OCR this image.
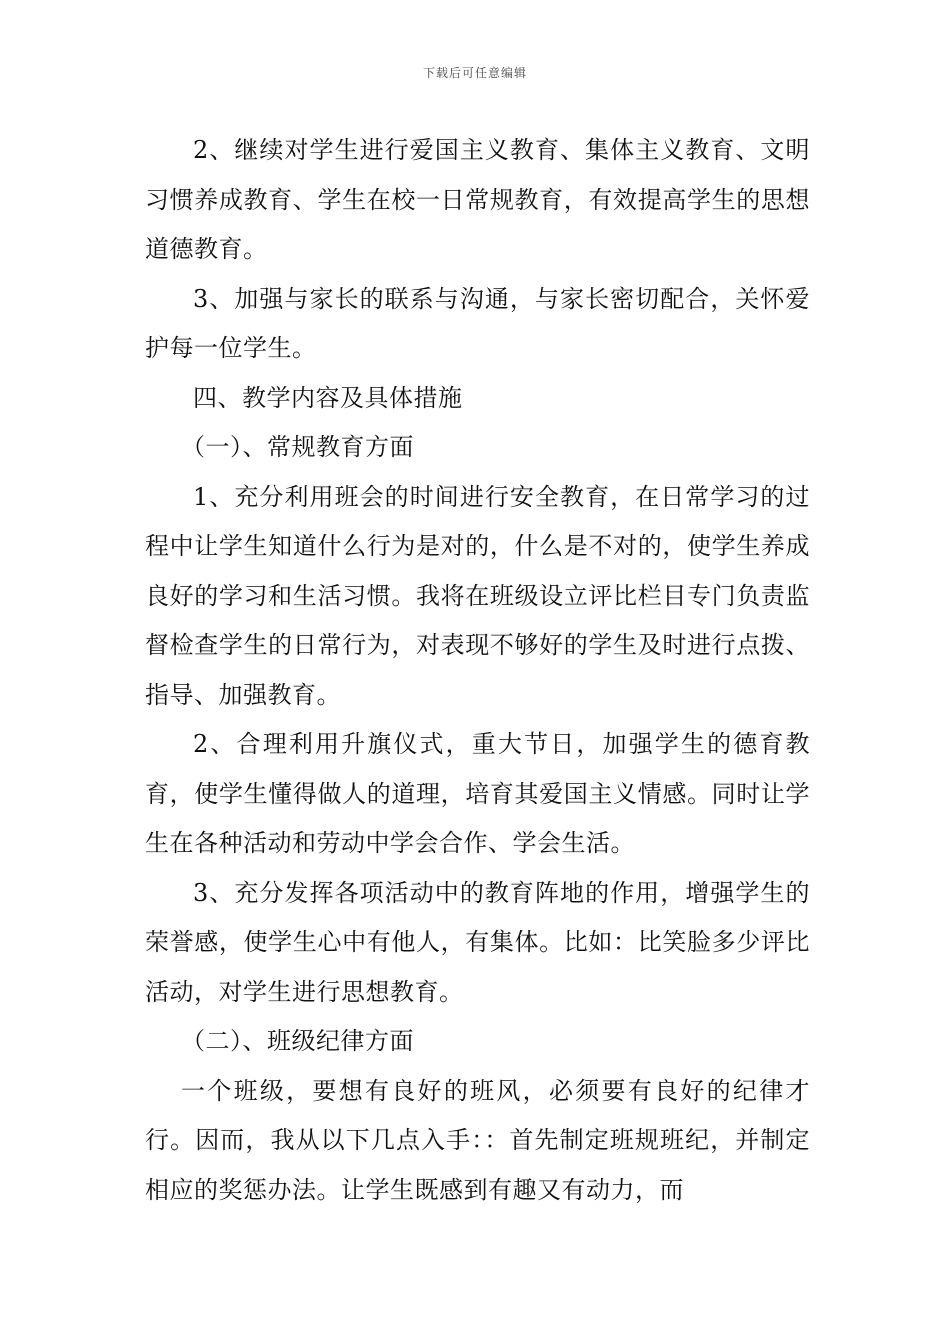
下载后可任意编辑

2、继续对学生进行爱国主义教育、集体主义教育、文明习惯养成教育、学生在校一日常规教育，有效提高学生的思想道德教育。

3、加强与家长的联系与沟通，与家长密切配合，关怀爱护每一位学生。

四、教学内容及具体措施

（一）、常规教育方面

1、充分利用班会的时间进行安全教育，在日常学习的过程中让学生知道什么行为是对的，什么是不对的，使学生养成良好的学习和生活习惯。我将在班级设立评比栏目专门负责监督检查学生的日常行为，对表现不够好的学生及时进行点拨、指导、加强教育。

2、合理利用升旗仪式，重大节日，加强学生的德育教育，使学生懂得做人的道理，培育其爱国主义情感。同时让学生在各种活动和劳动中学会合作、学会生活。

3、充分发挥各项活动中的教育阵地的作用，增强学生的荣誉感，使学生心中有他人，有集体。比如：比笑脸多少评比活动，对学生进行思想教育。

（二）、班级纪律方面

一个班级，要想有良好的班风，必须要有良好的纪律才行。因而，我从以下几点入手：：首先制定班规班纪，并制定相应的奖惩办法。让学生既感到有趣又有动力，而
